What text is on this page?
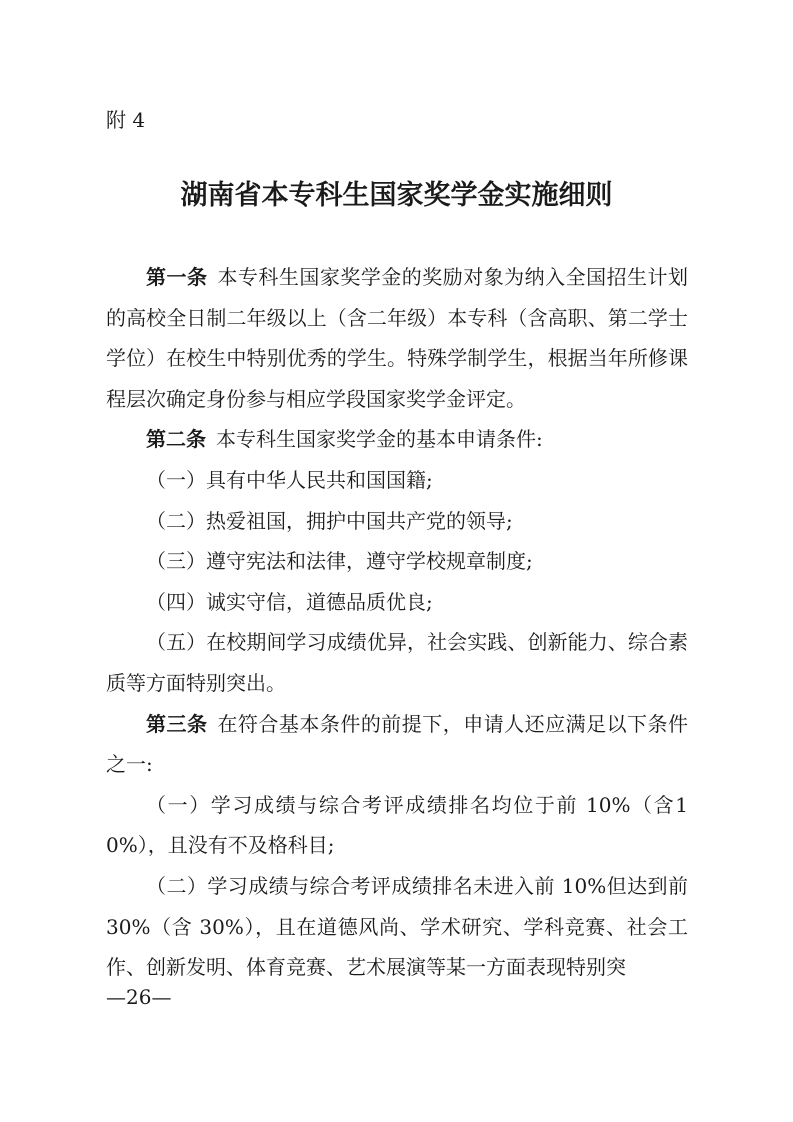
附 4
湖南省本专科生国家奖学金实施细则

第一条 本专科生国家奖学金的奖励对象为纳入全国招生计划的高校全日制二年级以上（含二年级）本专科（含高职、第二学士学位）在校生中特别优秀的学生。特殊学制学生，根据当年所修课程层次确定身份参与相应学段国家奖学金评定。

第二条 本专科生国家奖学金的基本申请条件:

（一）具有中华人民共和国国籍;

（二）热爱祖国，拥护中国共产党的领导;

（三）遵守宪法和法律，遵守学校规章制度;

（四）诚实守信，道德品质优良;

（五）在校期间学习成绩优异，社会实践、创新能力、综合素质等方面特别突出。

第三条 在符合基本条件的前提下，申请人还应满足以下条件之一:

（一）学习成绩与综合考评成绩排名均位于前 10%（含10%），且没有不及格科目;

（二）学习成绩与综合考评成绩排名未进入前 10%但达到前 30%（含 30%），且在道德风尚、学术研究、学科竞赛、社会工作、创新发明、体育竞赛、艺术展演等某一方面表现特别突

—26—
